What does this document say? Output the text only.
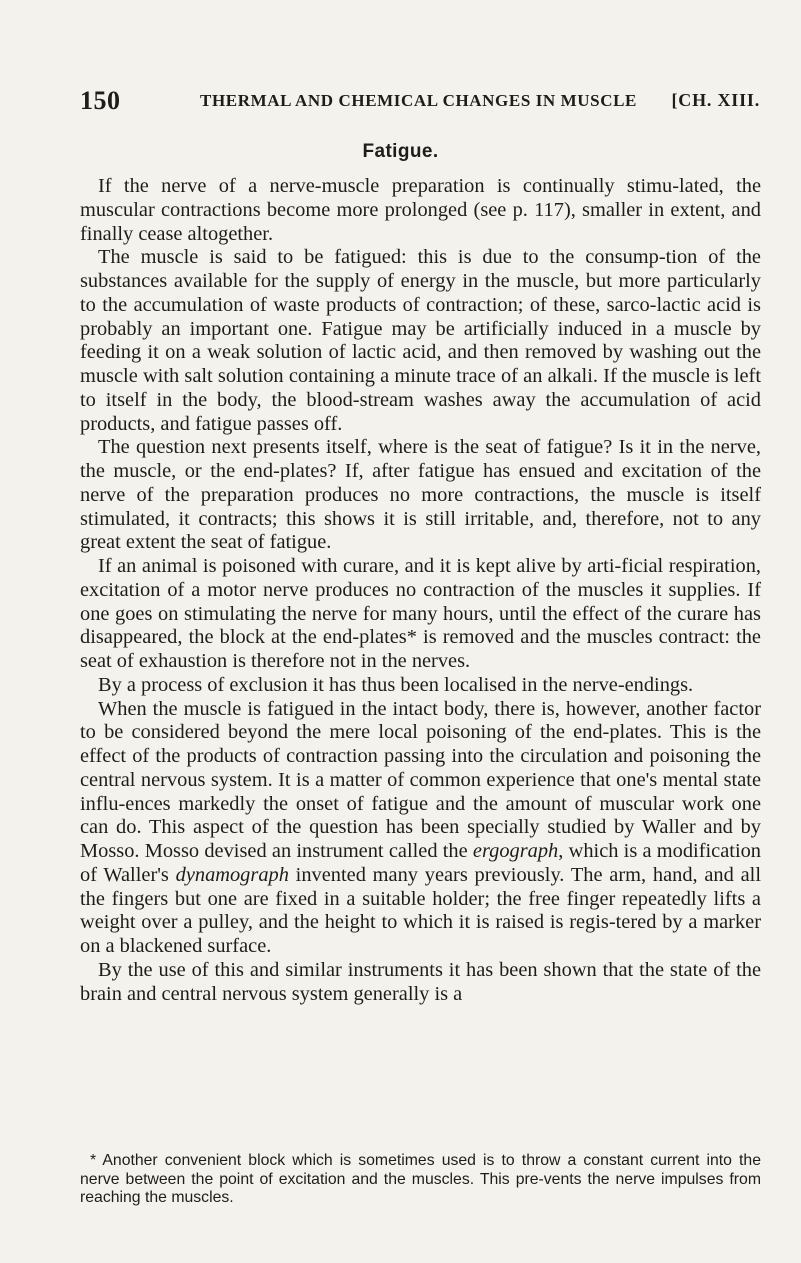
150	THERMAL AND CHEMICAL CHANGES IN MUSCLE [CH. XIII.
Fatigue.

If the nerve of a nerve-muscle preparation is continually stimu-lated, the muscular contractions become more prolonged (see p. 117), smaller in extent, and finally cease altogether.

The muscle is said to be fatigued: this is due to the consump-tion of the substances available for the supply of energy in the muscle, but more particularly to the accumulation of waste products of contraction; of these, sarco-lactic acid is probably an important one. Fatigue may be artificially induced in a muscle by feeding it on a weak solution of lactic acid, and then removed by washing out the muscle with salt solution containing a minute trace of an alkali. If the muscle is left to itself in the body, the blood-stream washes away the accumulation of acid products, and fatigue passes off.

The question next presents itself, where is the seat of fatigue? Is it in the nerve, the muscle, or the end-plates? If, after fatigue has ensued and excitation of the nerve of the preparation produces no more contractions, the muscle is itself stimulated, it contracts; this shows it is still irritable, and, therefore, not to any great extent the seat of fatigue.

If an animal is poisoned with curare, and it is kept alive by arti-ficial respiration, excitation of a motor nerve produces no contraction of the muscles it supplies. If one goes on stimulating the nerve for many hours, until the effect of the curare has disappeared, the block at the end-plates* is removed and the muscles contract: the seat of exhaustion is therefore not in the nerves.

By a process of exclusion it has thus been localised in the nerve-endings.

When the muscle is fatigued in the intact body, there is, however, another factor to be considered beyond the mere local poisoning of the end-plates. This is the effect of the products of contraction passing into the circulation and poisoning the central nervous system. It is a matter of common experience that one's mental state influ-ences markedly the onset of fatigue and the amount of muscular work one can do. This aspect of the question has been specially studied by Waller and by Mosso. Mosso devised an instrument called the ergograph, which is a modification of Waller's dynamograph invented many years previously. The arm, hand, and all the fingers but one are fixed in a suitable holder; the free finger repeatedly lifts a weight over a pulley, and the height to which it is raised is regis-tered by a marker on a blackened surface.

By the use of this and similar instruments it has been shown that the state of the brain and central nervous system generally is a

* Another convenient block which is sometimes used is to throw a constant current into the nerve between the point of excitation and the muscles. This pre-vents the nerve impulses from reaching the muscles.
